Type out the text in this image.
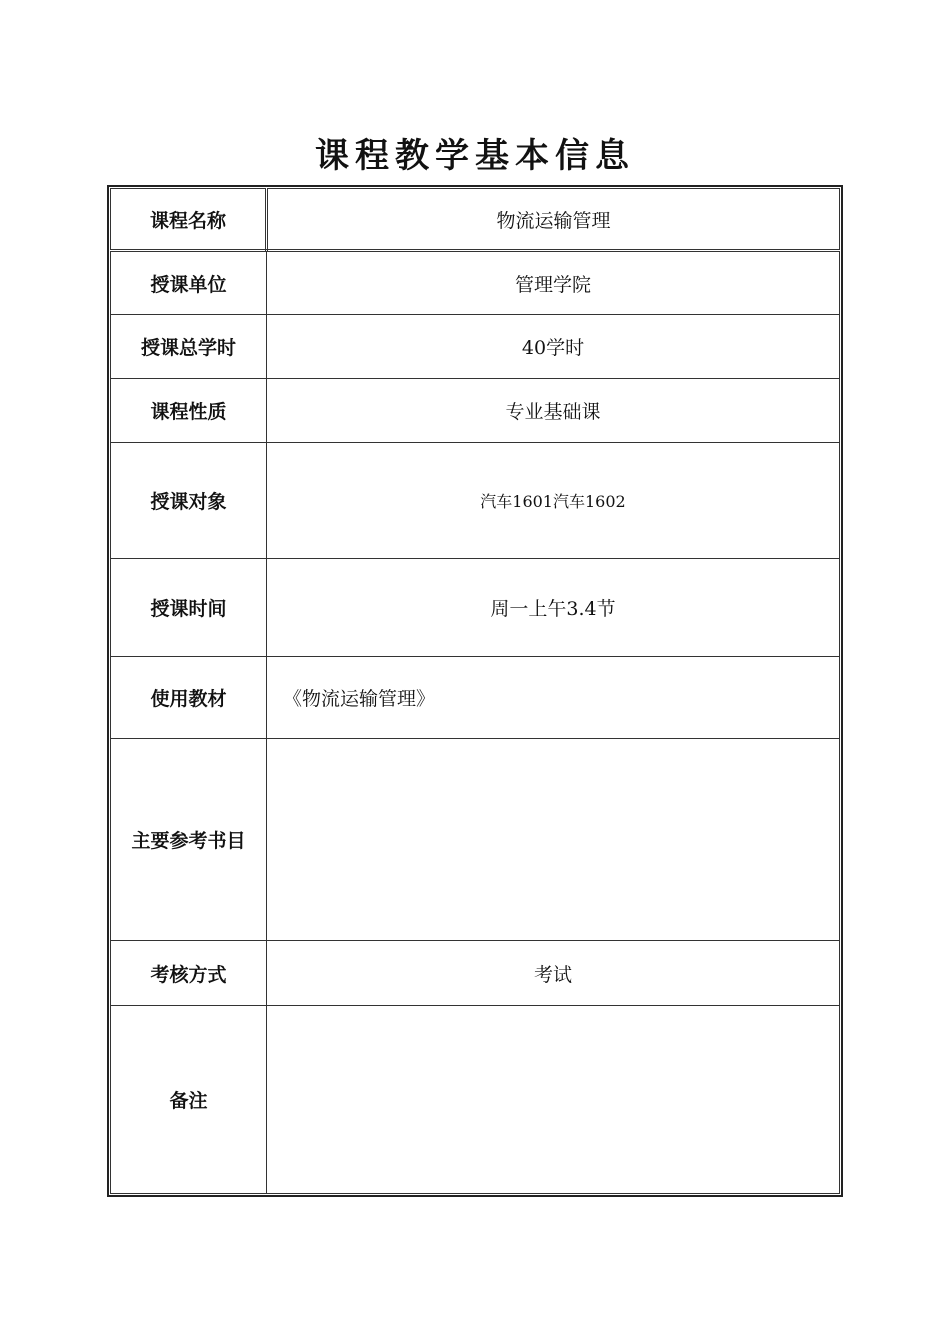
课程教学基本信息
课程名称	物流运输管理
授课单位	管理学院
授课总学时	40学时
课程性质	专业基础课
授课对象	汽车1601汽车1602
授课时间	周一上午3.4节
使用教材	《物流运输管理》
主要参考书目	
考核方式	考试
备注	
